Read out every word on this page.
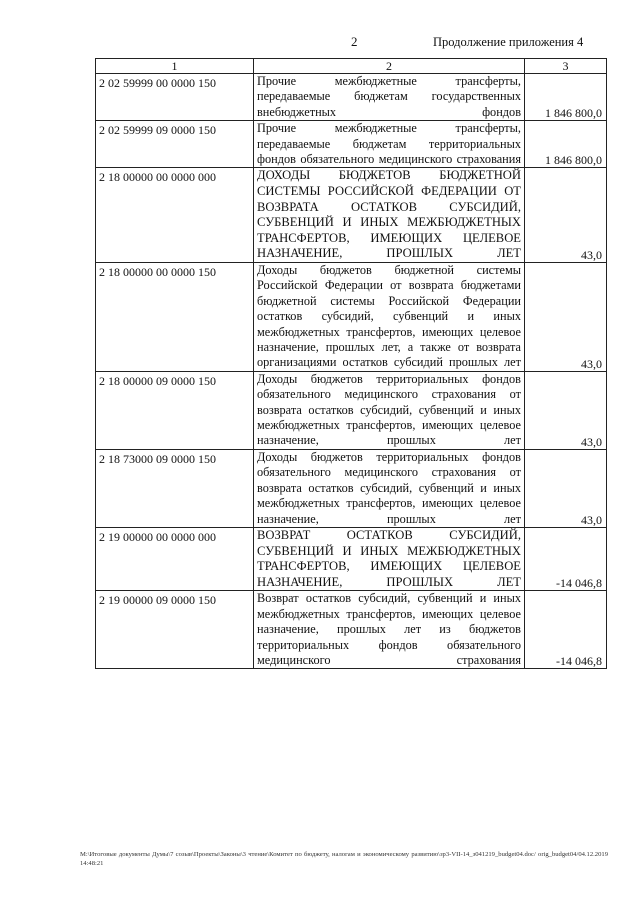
2	Продолжение приложения 4
1	2	3
2 02 59999 00 0000 150	Прочие межбюджетные трансферты, передаваемые бюджетам государственных внебюджетных фондов	1 846 800,0
2 02 59999 09 0000 150	Прочие межбюджетные трансферты, передаваемые бюджетам территориальных фондов обязательного медицинского страхования	1 846 800,0
2 18 00000 00 0000 000	ДОХОДЫ БЮДЖЕТОВ БЮДЖЕТНОЙ СИСТЕМЫ РОССИЙСКОЙ ФЕДЕРАЦИИ ОТ ВОЗВРАТА ОСТАТКОВ СУБСИДИЙ, СУБВЕНЦИЙ И ИНЫХ МЕЖБЮДЖЕТНЫХ ТРАНСФЕРТОВ, ИМЕЮЩИХ ЦЕЛЕВОЕ НАЗНАЧЕНИЕ, ПРОШЛЫХ ЛЕТ	43,0
2 18 00000 00 0000 150	Доходы бюджетов бюджетной системы Российской Федерации от возврата бюджетами бюджетной системы Российской Федерации остатков субсидий, субвенций и иных межбюджетных трансфертов, имеющих целевое назначение, прошлых лет, а также от возврата организациями остатков субсидий прошлых лет	43,0
2 18 00000 09 0000 150	Доходы бюджетов территориальных фондов обязательного медицинского страхования от возврата остатков субсидий, субвенций и иных межбюджетных трансфертов, имеющих целевое назначение, прошлых лет	43,0
2 18 73000 09 0000 150	Доходы бюджетов территориальных фондов обязательного медицинского страхования от возврата остатков субсидий, субвенций и иных межбюджетных трансфертов, имеющих целевое назначение, прошлых лет	43,0
2 19 00000 00 0000 000	ВОЗВРАТ ОСТАТКОВ СУБСИДИЙ, СУБВЕНЦИЙ И ИНЫХ МЕЖБЮДЖЕТНЫХ ТРАНСФЕРТОВ, ИМЕЮЩИХ ЦЕЛЕВОЕ НАЗНАЧЕНИЕ, ПРОШЛЫХ ЛЕТ	-14 046,8
2 19 00000 09 0000 150	Возврат остатков субсидий, субвенций и иных межбюджетных трансфертов, имеющих целевое назначение, прошлых лет из бюджетов территориальных фондов обязательного медицинского страхования	-14 046,8
M:\Итоговые документы Думы\7 созыв\Проекты\Законы\3 чтение\Комитет по бюджету, налогам и экономическому развитию\зр3-VII-14_з041219_budget04.doc/ orig_budget04/04.12.2019 14:48:21
